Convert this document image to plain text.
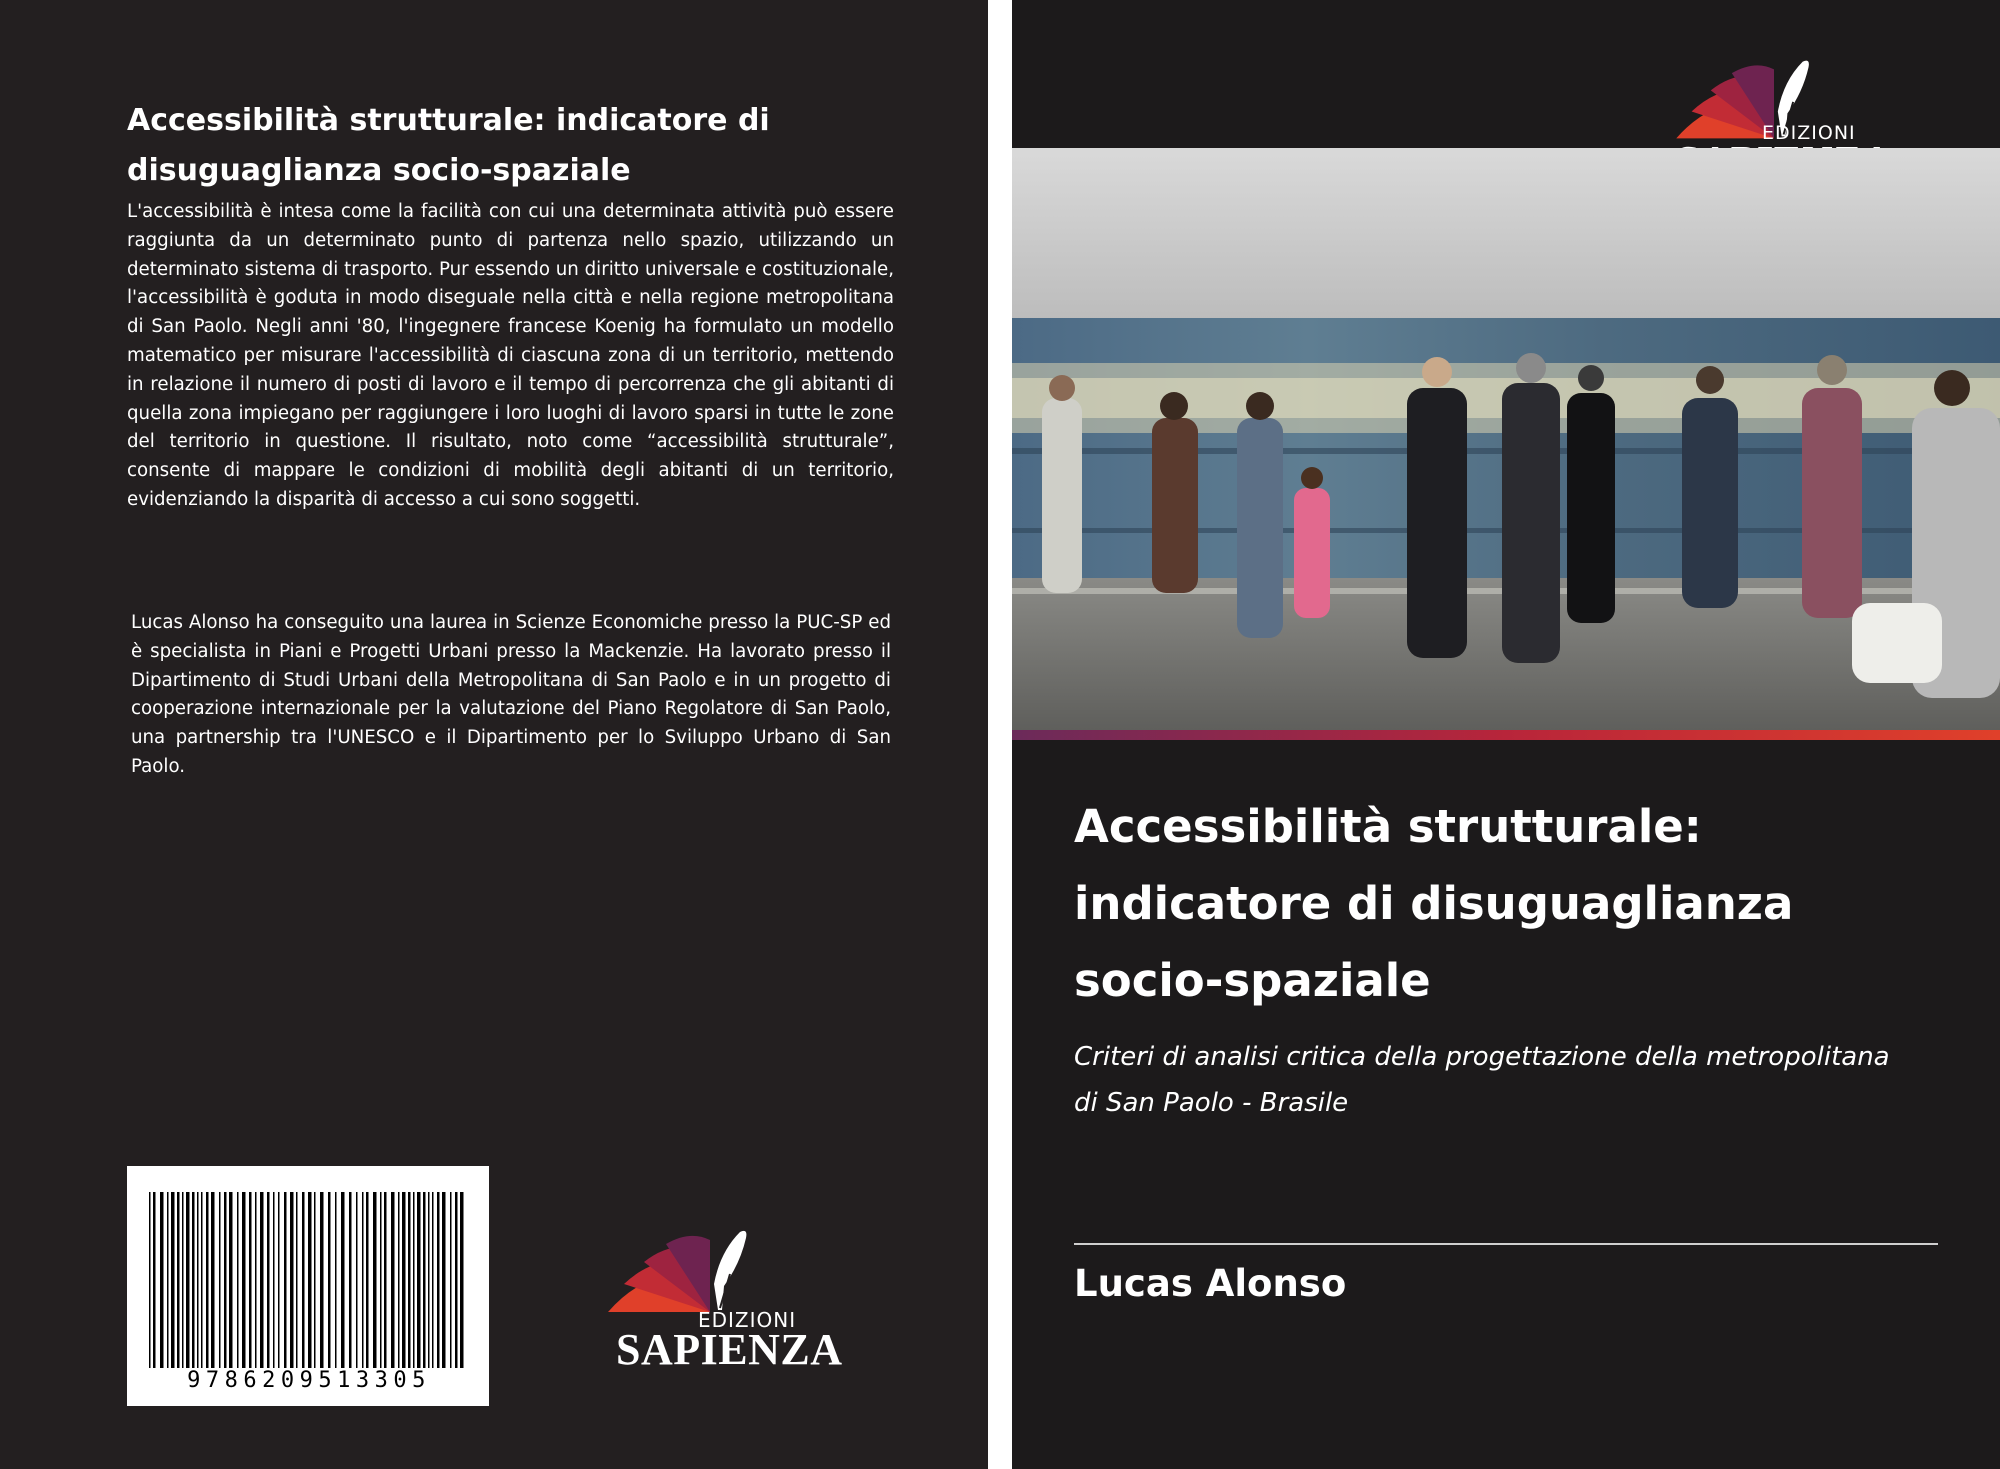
Accessibilità strutturale: indicatore di disuguaglianza socio-spaziale

L'accessibilità è intesa come la facilità con cui una determinata attività può essere raggiunta da un determinato punto di partenza nello spazio, utilizzando un determinato sistema di trasporto. Pur essendo un diritto universale e costituzionale, l'accessibilità è goduta in modo diseguale nella città e nella regione metropolitana di San Paolo. Negli anni '80, l'ingegnere francese Koenig ha formulato un modello matematico per misurare l'accessibilità di ciascuna zona di un territorio, mettendo in relazione il numero di posti di lavoro e il tempo di percorrenza che gli abitanti di quella zona impiegano per raggiungere i loro luoghi di lavoro sparsi in tutte le zone del territorio in questione. Il risultato, noto come “accessibilità strutturale”, consente di mappare le condizioni di mobilità degli abitanti di un territorio, evidenziando la disparità di accesso a cui sono soggetti.

Lucas Alonso ha conseguito una laurea in Scienze Economiche presso la PUC-SP ed è specialista in Piani e Progetti Urbani presso la Mackenzie. Ha lavorato presso il Dipartimento di Studi Urbani della Metropolitana di San Paolo e in un progetto di cooperazione internazionale per la valutazione del Piano Regolatore di San Paolo, una partnership tra l'UNESCO e il Dipartimento per lo Sviluppo Urbano di San Paolo.

9786209513305
EDIZIONI
SAPIENZA
EDIZIONI
Accessibilità strutturale: indicatore di disuguaglianza socio-spaziale

Criteri di analisi critica della progettazione della metropolitana di San Paolo - Brasile

Lucas Alonso
